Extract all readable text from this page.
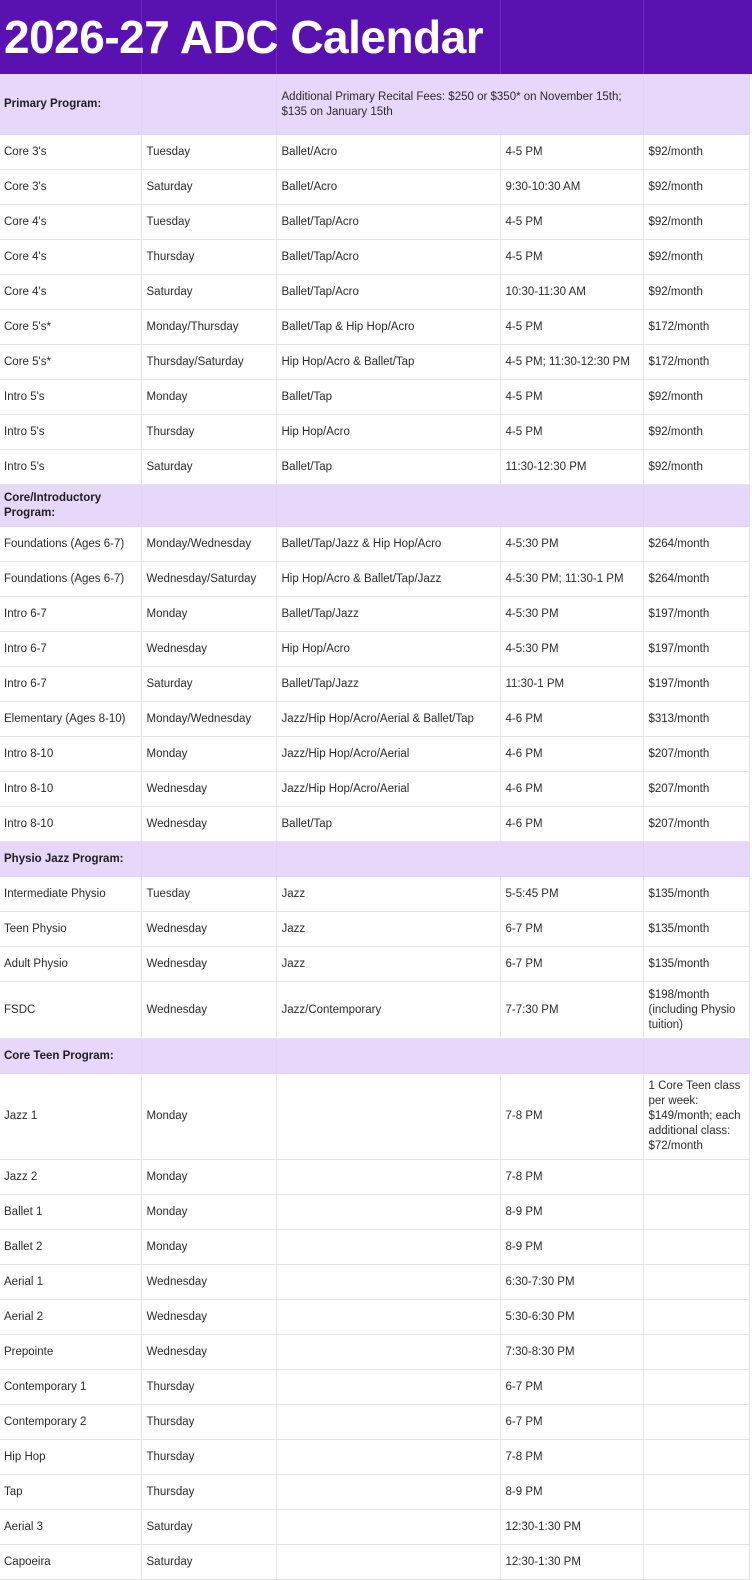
2026-27 ADC Calendar
Primary Program:		Additional Primary Recital Fees: $250 or $350* on November 15th; $135 on January 15th		
Core 3's	Tuesday	Ballet/Acro	4-5 PM	$92/month
Core 3's	Saturday	Ballet/Acro	9:30-10:30 AM	$92/month
Core 4's	Tuesday	Ballet/Tap/Acro	4-5 PM	$92/month
Core 4's	Thursday	Ballet/Tap/Acro	4-5 PM	$92/month
Core 4's	Saturday	Ballet/Tap/Acro	10:30-11:30 AM	$92/month
Core 5's*	Monday/Thursday	Ballet/Tap & Hip Hop/Acro	4-5 PM	$172/month
Core 5's*	Thursday/Saturday	Hip Hop/Acro & Ballet/Tap	4-5 PM; 11:30-12:30 PM	$172/month
Intro 5's	Monday	Ballet/Tap	4-5 PM	$92/month
Intro 5's	Thursday	Hip Hop/Acro	4-5 PM	$92/month
Intro 5's	Saturday	Ballet/Tap	11:30-12:30 PM	$92/month
Core/Introductory Program:				
Foundations (Ages 6-7)	Monday/Wednesday	Ballet/Tap/Jazz & Hip Hop/Acro	4-5:30 PM	$264/month
Foundations (Ages 6-7)	Wednesday/Saturday	Hip Hop/Acro & Ballet/Tap/Jazz	4-5:30 PM; 11:30-1 PM	$264/month
Intro 6-7	Monday	Ballet/Tap/Jazz	4-5:30 PM	$197/month
Intro 6-7	Wednesday	Hip Hop/Acro	4-5:30 PM	$197/month
Intro 6-7	Saturday	Ballet/Tap/Jazz	11:30-1 PM	$197/month
Elementary (Ages 8-10)	Monday/Wednesday	Jazz/Hip Hop/Acro/Aerial & Ballet/Tap	4-6 PM	$313/month
Intro 8-10	Monday	Jazz/Hip Hop/Acro/Aerial	4-6 PM	$207/month
Intro 8-10	Wednesday	Jazz/Hip Hop/Acro/Aerial	4-6 PM	$207/month
Intro 8-10	Wednesday	Ballet/Tap	4-6 PM	$207/month
Physio Jazz Program:				
Intermediate Physio	Tuesday	Jazz	5-5:45 PM	$135/month
Teen Physio	Wednesday	Jazz	6-7 PM	$135/month
Adult Physio	Wednesday	Jazz	6-7 PM	$135/month
FSDC	Wednesday	Jazz/Contemporary	7-7:30 PM	$198/month (including Physio tuition)
Core Teen Program:				
Jazz 1	Monday		7-8 PM	1 Core Teen class per week: $149/month; each additional class: $72/month
Jazz 2	Monday		7-8 PM	
Ballet 1	Monday		8-9 PM	
Ballet 2	Monday		8-9 PM	
Aerial 1	Wednesday		6:30-7:30 PM	
Aerial 2	Wednesday		5:30-6:30 PM	
Prepointe	Wednesday		7:30-8:30 PM	
Contemporary 1	Thursday		6-7 PM	
Contemporary 2	Thursday		6-7 PM	
Hip Hop	Thursday		7-8 PM	
Tap	Thursday		8-9 PM	
Aerial 3	Saturday		12:30-1:30 PM	
Capoeira	Saturday		12:30-1:30 PM	
